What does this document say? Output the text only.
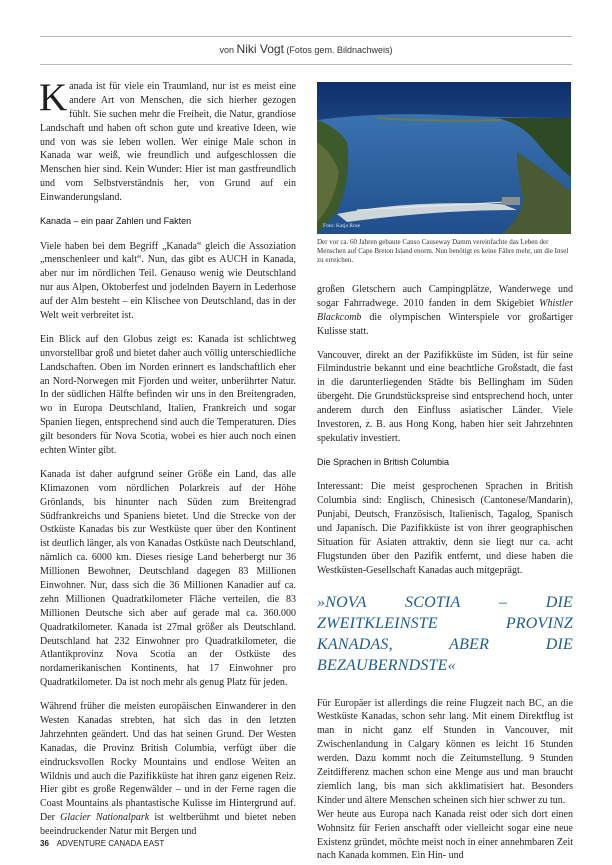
von Niki Vogt (Fotos gem. Bildnachweis)

Kanada ist für viele ein Traumland, nur ist es meist eine andere Art von Menschen, die sich hierher gezogen fühlt. Sie suchen mehr die Freiheit, die Natur, grandiose Landschaft und haben oft schon gute und kreative Ideen, wie und von was sie leben wollen. Wer einige Male schon in Kanada war weiß, wie freundlich und aufgeschlossen die Menschen hier sind. Kein Wunder: Hier ist man gastfreundlich und vom Selbstverständnis her, von Grund auf ein Einwanderungsland.

Kanada – ein paar Zahlen und Fakten

Viele haben bei dem Begriff „Kanada“ gleich die Assoziation „menschenleer und kalt“. Nun, das gibt es AUCH in Kanada, aber nur im nördlichen Teil. Genauso wenig wie Deutschland nur aus Alpen, Oktoberfest und jodelnden Bayern in Lederhose auf der Alm besteht – ein Klischee von Deutschland, das in der Welt weit verbreitet ist.

Ein Blick auf den Globus zeigt es: Kanada ist schlichtweg unvorstellbar groß und bietet daher auch völlig unterschiedliche Landschaften. Oben im Norden erinnert es landschaftlich eher an Nord-Norwegen mit Fjorden und weiter, unberührter Natur. In der südlichen Hälfte befinden wir uns in den Breitengraden, wo in Europa Deutschland, Italien, Frankreich und sogar Spanien liegen, entsprechend sind auch die Temperaturen. Dies gilt besonders für Nova Scotia, wobei es hier auch noch einen echten Winter gibt.

Kanada ist daher aufgrund seiner Größe ein Land, das alle Klimazonen vom nördlichen Polarkreis auf der Höhe Grönlands, bis hinunter nach Süden zum Breitengrad Südfrankreichs und Spaniens bietet. Und die Strecke von der Ostküste Kanadas bis zur Westküste quer über den Kontinent ist deutlich länger, als von Kanadas Ostküste nach Deutschland, nämlich ca. 6000 km. Dieses riesige Land beherbergt nur 36 Millionen Bewohner, Deutschland dagegen 83 Millionen Einwohner. Nur, dass sich die 36 Millionen Kanadier auf ca. zehn Millionen Quadratkilometer Fläche verteilen, die 83 Millionen Deutsche sich aber auf gerade mal ca. 360.000 Quadratkilometer. Kanada ist 27mal größer als Deutschland. Deutschland hat 232 Einwohner pro Quadratkilometer, die Atlantikprovinz Nova Scotia an der Ostküste des nordamerikanischen Kontinents, hat 17 Einwohner pro Quadratkilometer. Da ist noch mehr als genug Platz für jeden.

Während früher die meisten europäischen Einwanderer in den Westen Kanadas strebten, hat sich das in den letzten Jahrzehnten geändert. Und das hat seinen Grund. Der Westen Kanadas, die Provinz British Columbia, verfügt über die eindrucksvollen Rocky Mountains und endlose Weiten an Wildnis und auch die Pazifikküste hat ihren ganz eigenen Reiz. Hier gibt es große Regenwälder – und in der Ferne ragen die Coast Mountains als phantastische Kulisse im Hintergrund auf. Der Glacier Nationalpark ist weltberühmt und bietet neben beeindruckender Natur mit Bergen und

Foto: Katja Rose
Der vor ca. 60 Jahren gebaute Canso Causeway Damm vereinfachte das Leben der Menschen auf Cape Breton Island enorm. Nun benötigt es keine Fähre mehr, um die Insel zu erreichen.

großen Gletschern auch Campingplätze, Wanderwege und sogar Fahrradwege. 2010 fanden in dem Skigebiet Whistler Blackcomb die olympischen Winterspiele vor großartiger Kulisse statt.

Vancouver, direkt an der Pazifikküste im Süden, ist für seine Filmindustrie bekannt und eine beachtliche Großstadt, die fast in die darunterliegenden Städte bis Bellingham im Süden übergeht. Die Grundstückspreise sind entsprechend hoch, unter anderem durch den Einfluss asiatischer Länder. Viele Investoren, z. B. aus Hong Kong, haben hier seit Jahrzehnten spekulativ investiert.

Die Sprachen in British Columbia

Interessant: Die meist gesprochenen Sprachen in British Columbia sind: Englisch, Chinesisch (Cantonese/Mandarin), Punjabi, Deutsch, Französisch, Italienisch, Tagalog, Spanisch und Japanisch. Die Pazifikküste ist von ihrer geographischen Situation für Asiaten attraktiv, denn sie liegt nur ca. acht Flugstunden über den Pazifik entfernt, und diese haben die Westküsten-Gesellschaft Kanadas auch mitgeprägt.

»NOVA SCOTIA – DIE ZWEITKLEINSTE PROVINZ KANADAS, ABER DIE BEZAUBERNDSTE«

Für Europäer ist allerdings die reine Flugzeit nach BC, an die Westküste Kanadas, schon sehr lang. Mit einem Direktflug ist man in nicht ganz elf Stunden in Vancouver, mit Zwischenlandung in Calgary können es leicht 16 Stunden werden. Dazu kommt noch die Zeitumstellung. 9 Stunden Zeitdifferenz machen schon eine Menge aus und man braucht ziemlich lang, bis man sich akklimatisiert hat. Besonders Kinder und ältere Menschen scheinen sich hier schwer zu tun.

Wer heute aus Europa nach Kanada reist oder sich dort einen Wohnsitz für Ferien anschafft oder vielleicht sogar eine neue Existenz gründet, möchte meist noch in einer annehmbaren Zeit nach Kanada kommen. Ein Hin- und

36 ADVENTURE CANADA EAST
